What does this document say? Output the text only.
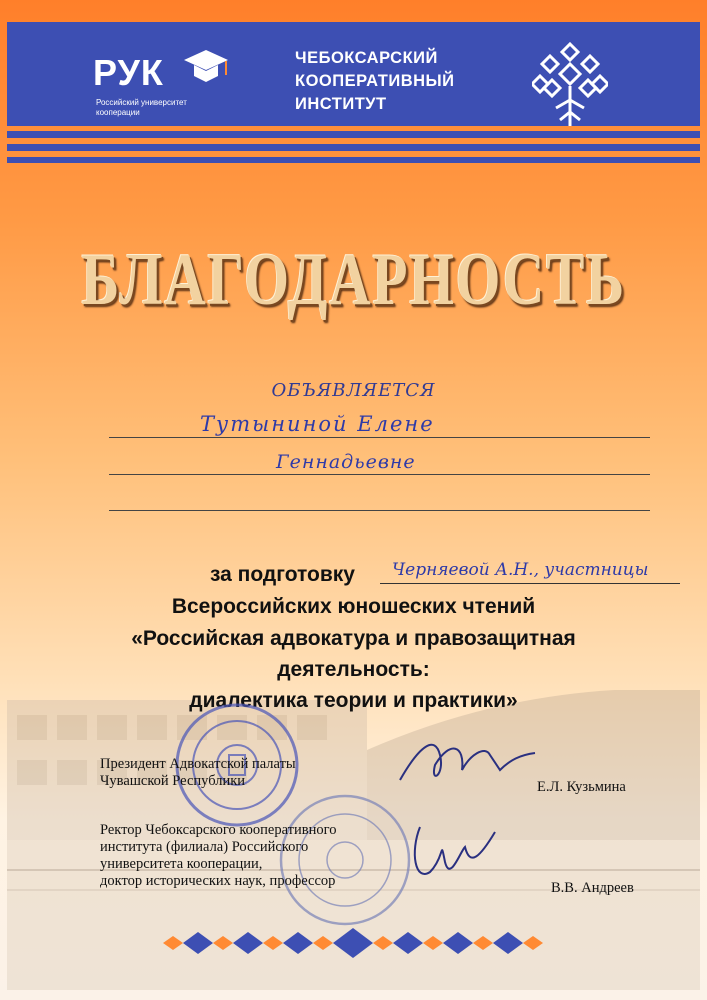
РУК
Российский университет
кооперации
ЧЕБОКСАРСКИЙ
КООПЕРАТИВНЫЙ
ИНСТИТУТ
БЛАГОДАРНОСТЬ
ОБЪЯВЛЯЕТСЯ
Тутыниной Елене
Геннадьевне
за подготовку Черняевой А.Н., участницы
Всероссийских юношеских чтений
«Российская адвокатура и правозащитная
деятельность:
диалектика теории и практики»
Президент Адвокатской палаты
Чувашской Республики	Е.Л. Кузьмина
Ректор Чебоксарского кооперативного
института (филиала) Российского
университета кооперации,
доктор исторических наук, профессор	В.В. Андреев
